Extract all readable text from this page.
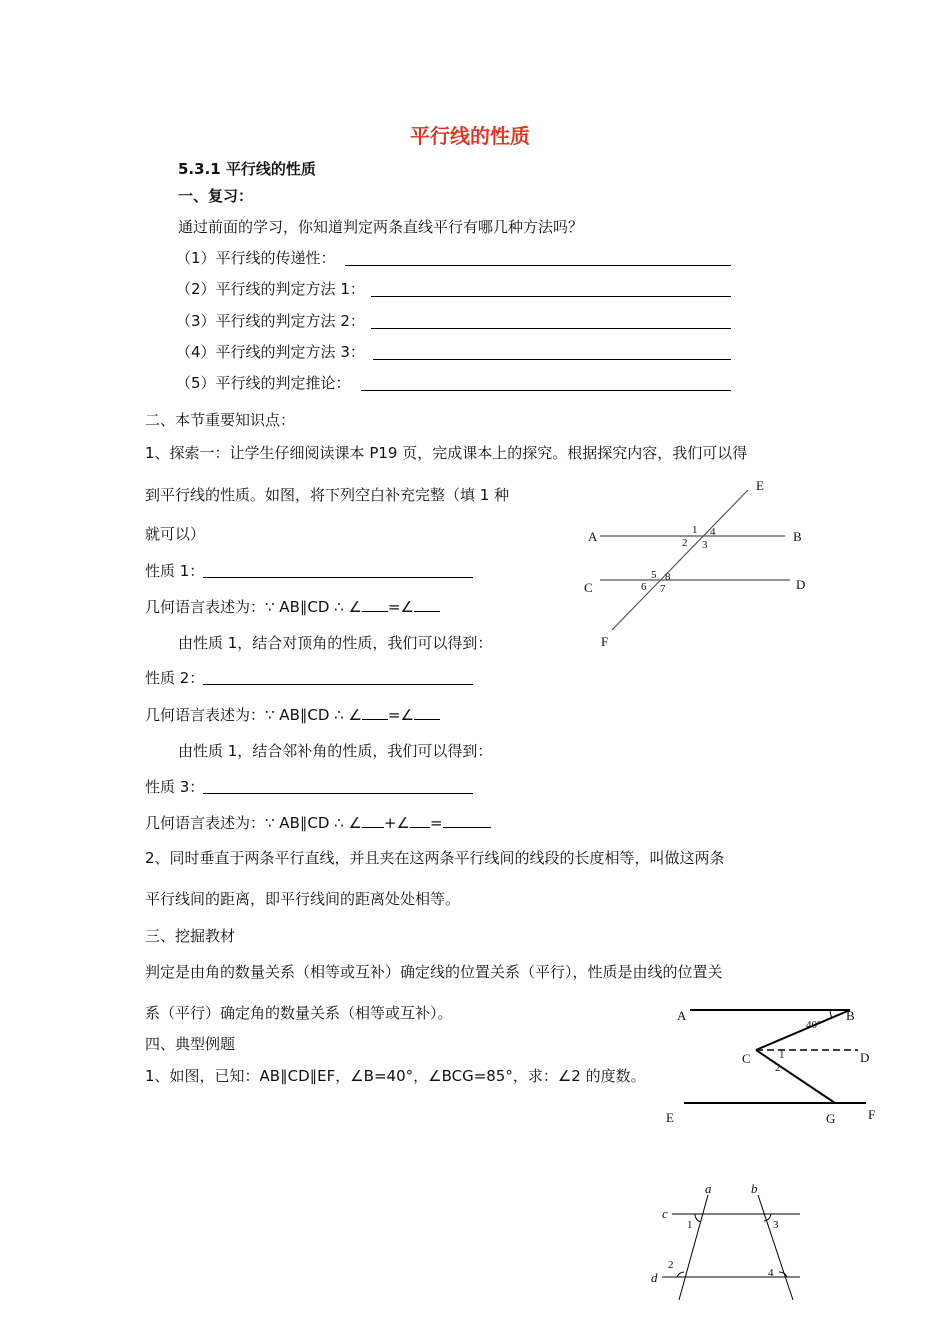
平行线的性质
5.3.1 平行线的性质
一、复习：
通过前面的学习，你知道判定两条直线平行有哪几种方法吗？
（1）平行线的传递性：
（2）平行线的判定方法 1：
（3）平行线的判定方法 2：
（4）平行线的判定方法 3：
（5）平行线的判定推论：
二、本节重要知识点：
1、探索一：让学生仔细阅读课本 P19 页，完成课本上的探究。根据探究内容，我们可以得
到平行线的性质。如图，将下列空白补充完整（填 1 种
就可以）
性质 1：
几何语言表述为：∵ AB∥CD ∴ ∠ =∠
由性质 1，结合对顶角的性质，我们可以得到：
性质 2：
几何语言表述为：∵ AB∥CD ∴ ∠ =∠
由性质 1，结合邻补角的性质，我们可以得到：
性质 3：
几何语言表述为：∵ AB∥CD ∴ ∠ +∠ =
2、同时垂直于两条平行直线，并且夹在这两条平行线间的线段的长度相等，叫做这两条
平行线间的距离，即平行线间的距离处处相等。
三、挖掘教材
判定是由角的数量关系（相等或互补）确定线的位置关系（平行），性质是由线的位置关
系（平行）确定角的数量关系（相等或互补）。
四、典型例题
1、如图，已知：AB∥CD∥EF，∠B=40°，∠BCG=85°，求：∠2 的度数。
A	B
C	D
E
F
1
2 3
4
5
6 7
8
A	B
C	D
E	F
G
40°
1
2
a	b
c
d
1
2
3
4
